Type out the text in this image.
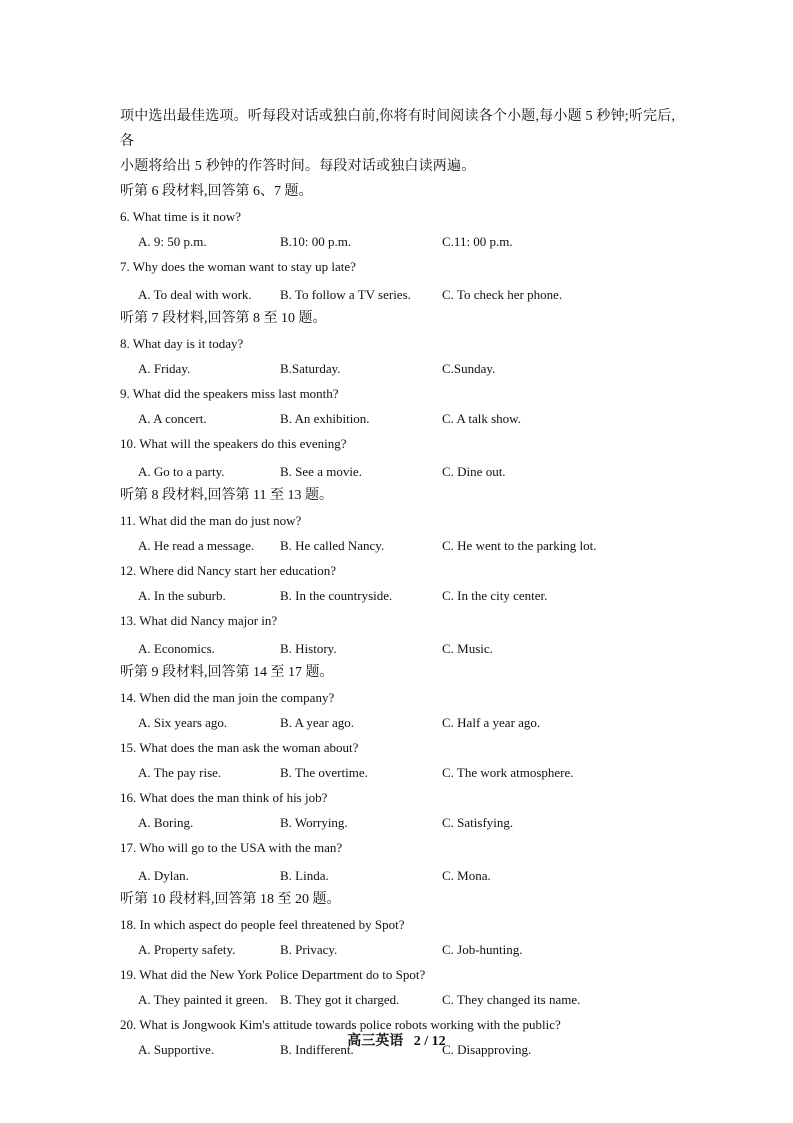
项中选出最佳选项。听每段对话或独白前,你将有时间阅读各个小题,每小题 5 秒钟;听完后,各
小题将给出 5 秒钟的作答时间。每段对话或独白读两遍。
听第 6 段材料,回答第 6、7 题。
6. What time is it now?
A. 9: 50 p.m.	B.10: 00 p.m.	C.11: 00 p.m.
7. Why does the woman want to stay up late?
A. To deal with work. B. To follow a TV series. C. To check her phone.
听第 7 段材料,回答第 8 至 10 题。
8. What day is it today?
A. Friday.	B.Saturday.	C.Sunday.
9. What did the speakers miss last month?
A. A concert.	B. An exhibition.	C. A talk show.
10. What will the speakers do this evening?
A. Go to a party.	B. See a movie.	C. Dine out.
听第 8 段材料,回答第 11 至 13 题。
11. What did the man do just now?
A. He read a message. B. He called Nancy.	C. He went to the parking lot.
12. Where did Nancy start her education?
A. In the suburb.	B. In the countryside.	C. In the city center.
13. What did Nancy major in?
A. Economics.	B. History.	C. Music.
听第 9 段材料,回答第 14 至 17 题。
14. When did the man join the company?
A. Six years ago.	B. A year ago.	C. Half a year ago.
15. What does the man ask the woman about?
A. The pay rise.	B. The overtime.	C. The work atmosphere.
16. What does the man think of his job?
A. Boring.	B. Worrying.	C. Satisfying.
17. Who will go to the USA with the man?
A. Dylan.	B. Linda.	C. Mona.
听第 10 段材料,回答第 18 至 20 题。
18. In which aspect do people feel threatened by Spot?
A. Property safety.	B. Privacy.	C. Job-hunting.
19. What did the New York Police Department do to Spot?
A. They painted it green. B. They got it charged.	C. They changed its name.
20. What is Jongwook Kim's attitude towards police robots working with the public?
A. Supportive.	B. Indifferent.	C. Disapproving.
高三英语 2 / 12
